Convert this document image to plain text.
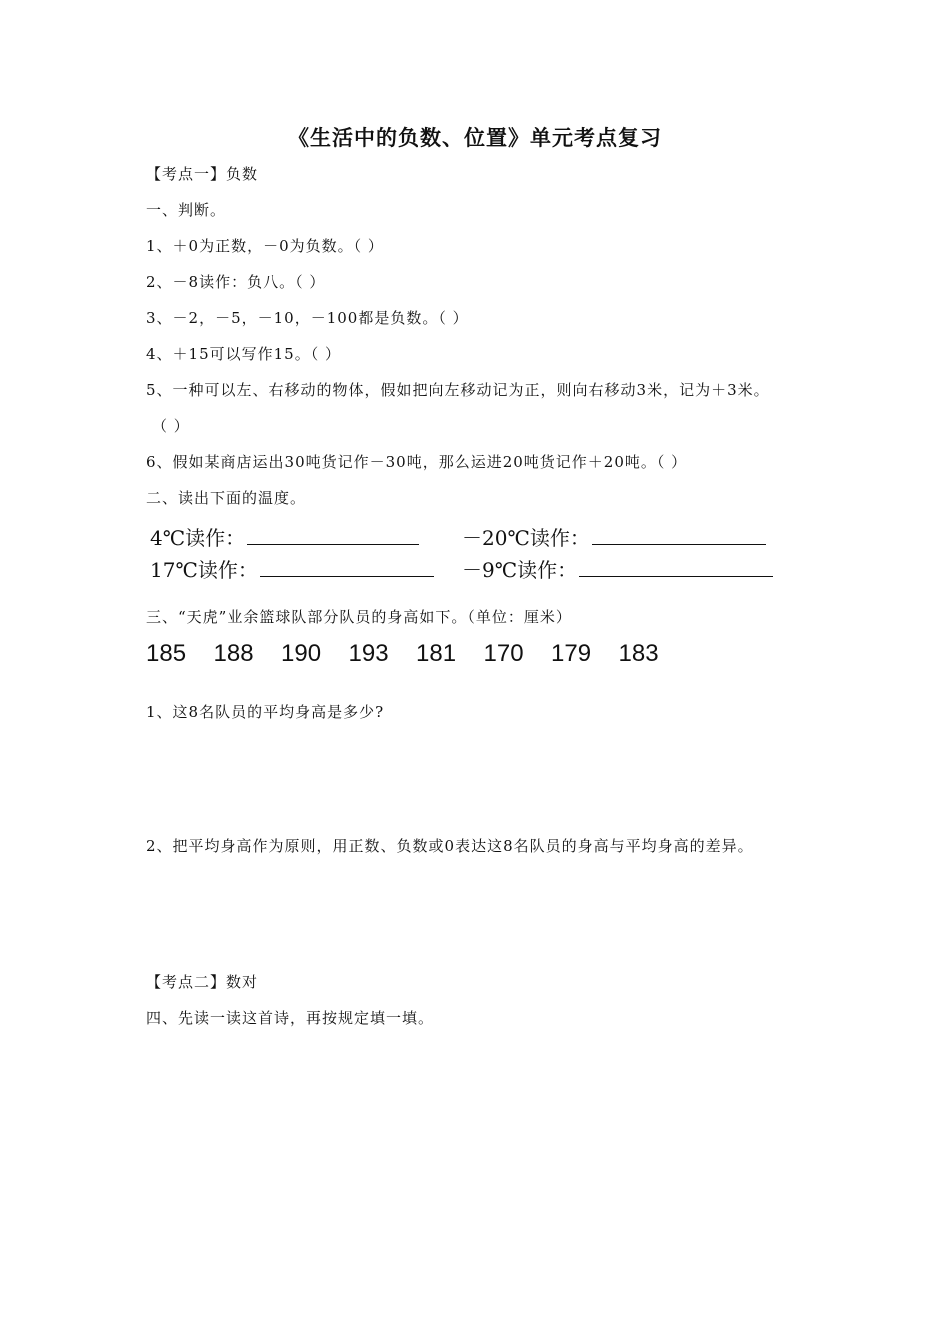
《生活中的负数、位置》单元考点复习
【考点一】负数
一、判断。
1、＋0为正数，－0为负数。（ ）
2、－8读作：负八。（ ）
3、－2，－5，－10，－100都是负数。（ ）
4、＋15可以写作15。（ ）
5、一种可以左、右移动的物体，假如把向左移动记为正，则向右移动3米，记为＋3米。
（ ）
6、假如某商店运出30吨货记作－30吨，那么运进20吨货记作＋20吨。（ ）
二、读出下面的温度。
4℃读作：	－20℃读作：
17℃读作：	－9℃读作：
三、“天虎”业余篮球队部分队员的身高如下。（单位：厘米）
185	188	190	193	181	170	179	183
1、这8名队员的平均身高是多少?
2、把平均身高作为原则，用正数、负数或0表达这8名队员的身高与平均身高的差异。
【考点二】数对
四、先读一读这首诗，再按规定填一填。
